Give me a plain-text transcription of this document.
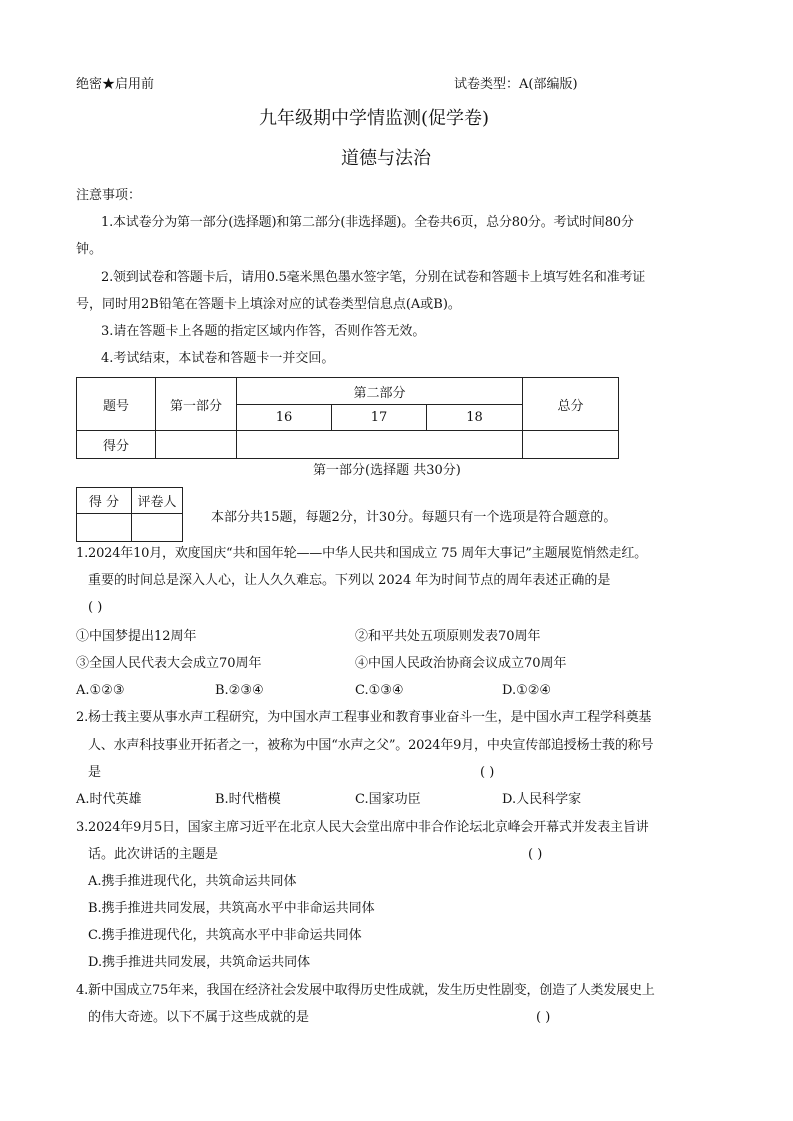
绝密★启用前	试卷类型：A(部编版)
九年级期中学情监测(促学卷)
道德与法治
注意事项：
1.本试卷分为第一部分(选择题)和第二部分(非选择题)。全卷共6页，总分80分。考试时间80分
钟。
2.领到试卷和答题卡后，请用0.5毫米黑色墨水签字笔，分别在试卷和答题卡上填写姓名和准考证
号，同时用2B铅笔在答题卡上填涂对应的试卷类型信息点(A或B)。
3.请在答题卡上各题的指定区域内作答，否则作答无效。
4.考试结束，本试卷和答题卡一并交回。
题号	第一部分	第二部分			总分
		16	17	18	
得分					
第一部分(选择题 共30分)
得 分	评卷人

本部分共15题，每题2分，计30分。每题只有一个选项是符合题意的。
1.2024年10月，欢度国庆“共和国年轮——中华人民共和国成立 75 周年大事记”主题展览悄然走红。
重要的时间总是深入人心，让人久久难忘。下列以 2024 年为时间节点的周年表述正确的是
( )
①中国梦提出12周年	②和平共处五项原则发表70周年
③全国人民代表大会成立70周年	④中国人民政治协商会议成立70周年
A.①②③	B.②③④	C.①③④	D.①②④
2.杨士莪主要从事水声工程研究，为中国水声工程事业和教育事业奋斗一生，是中国水声工程学科奠基
人、水声科技事业开拓者之一，被称为中国“水声之父”。2024年9月，中央宣传部追授杨士莪的称号
是	( )
A.时代英雄	B.时代楷模	C.国家功臣	D.人民科学家
3.2024年9月5日，国家主席习近平在北京人民大会堂出席中非合作论坛北京峰会开幕式并发表主旨讲
话。此次讲话的主题是	( )
A.携手推进现代化，共筑命运共同体
B.携手推进共同发展，共筑高水平中非命运共同体
C.携手推进现代化，共筑高水平中非命运共同体
D.携手推进共同发展，共筑命运共同体
4.新中国成立75年来，我国在经济社会发展中取得历史性成就，发生历史性剧变，创造了人类发展史上
的伟大奇迹。以下不属于这些成就的是	( )
